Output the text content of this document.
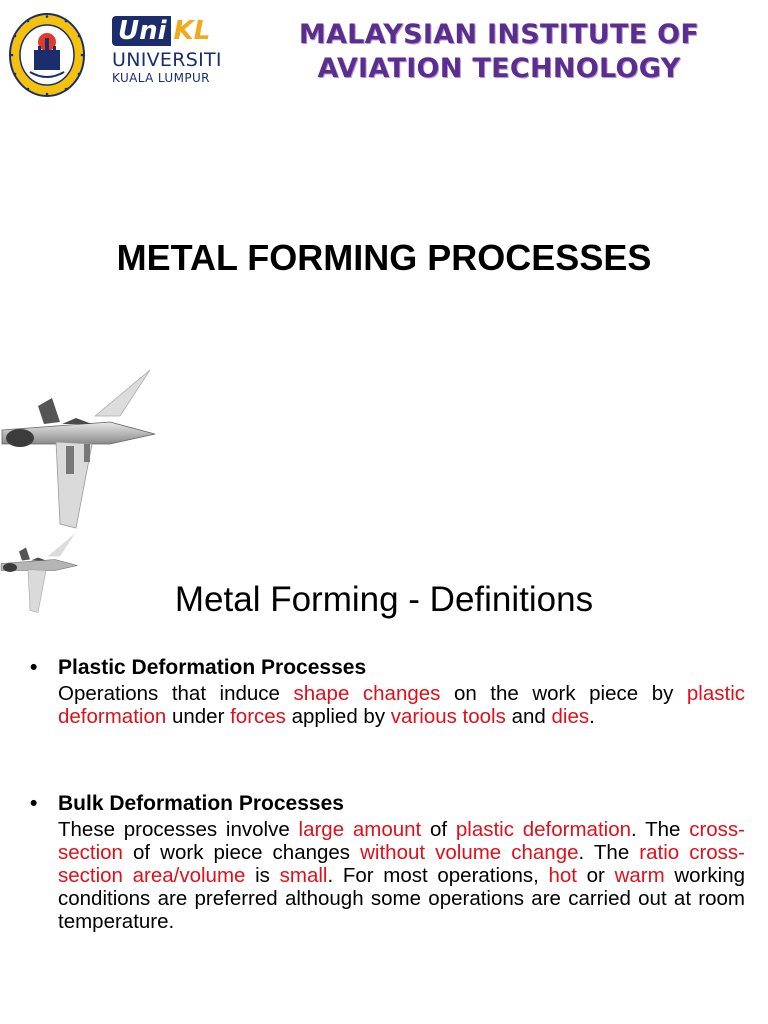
Uni KL
UNIVERSITI
KUALA LUMPUR
MALAYSIAN INSTITUTE OF
AVIATION TECHNOLOGY
METAL FORMING PROCESSES
Metal Forming - Definitions
• Plastic Deformation Processes
Operations that induce shape changes on the work piece by plastic deformation under forces applied by various tools and dies.
• Bulk Deformation Processes
These processes involve large amount of plastic deformation. The cross-section of work piece changes without volume change. The ratio cross-section area/volume is small. For most operations, hot or warm working conditions are preferred although some operations are carried out at room temperature.
